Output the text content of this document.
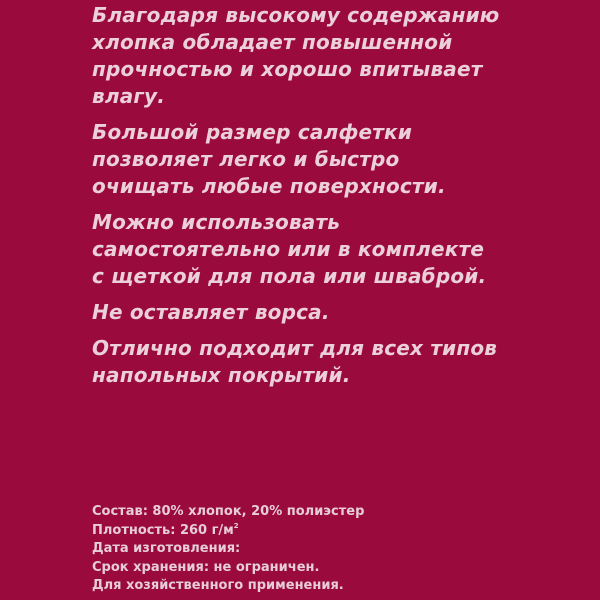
Благодаря высокому содержанию
хлопка обладает повышенной
прочностью и хорошо впитывает
влагу.

Большой размер салфетки
позволяет легко и быстро
очищать любые поверхности.

Можно использовать
самостоятельно или в комплекте
с щеткой для пола или шваброй.

Не оставляет ворса.

Отлично подходит для всех типов
напольных покрытий.

Состав: 80% хлопок, 20% полиэстер
Плотность: 260 $г/м^2$
Дата изготовления:
Срок хранения: не ограничен.
Для хозяйственного применения.
